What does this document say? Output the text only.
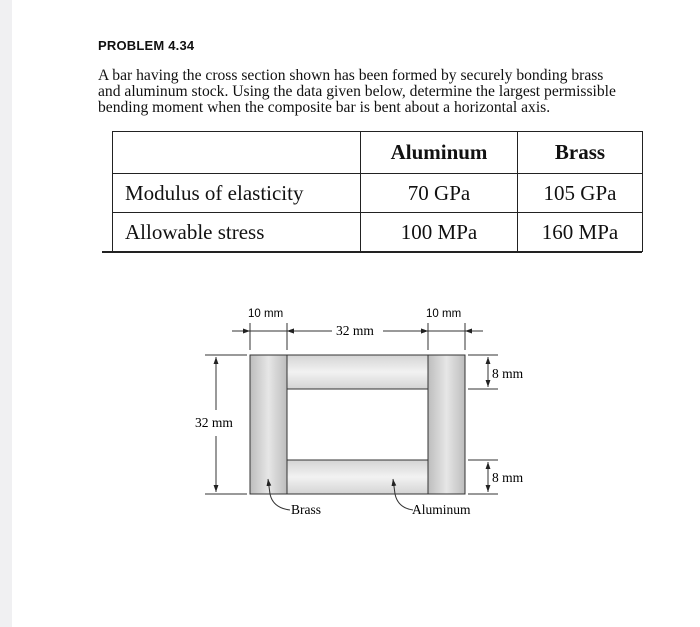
PROBLEM 4.34
A bar having the cross section shown has been formed by securely bonding brass
and aluminum stock. Using the data given below, determine the largest permissible
bending moment when the composite bar is bent about a horizontal axis.
	Aluminum	Brass
Modulus of elasticity	70 GPa	105 GPa
Allowable stress	100 MPa	160 MPa
10 mm
32 mm
10 mm
32 mm
8 mm
8 mm
Brass	Aluminum
